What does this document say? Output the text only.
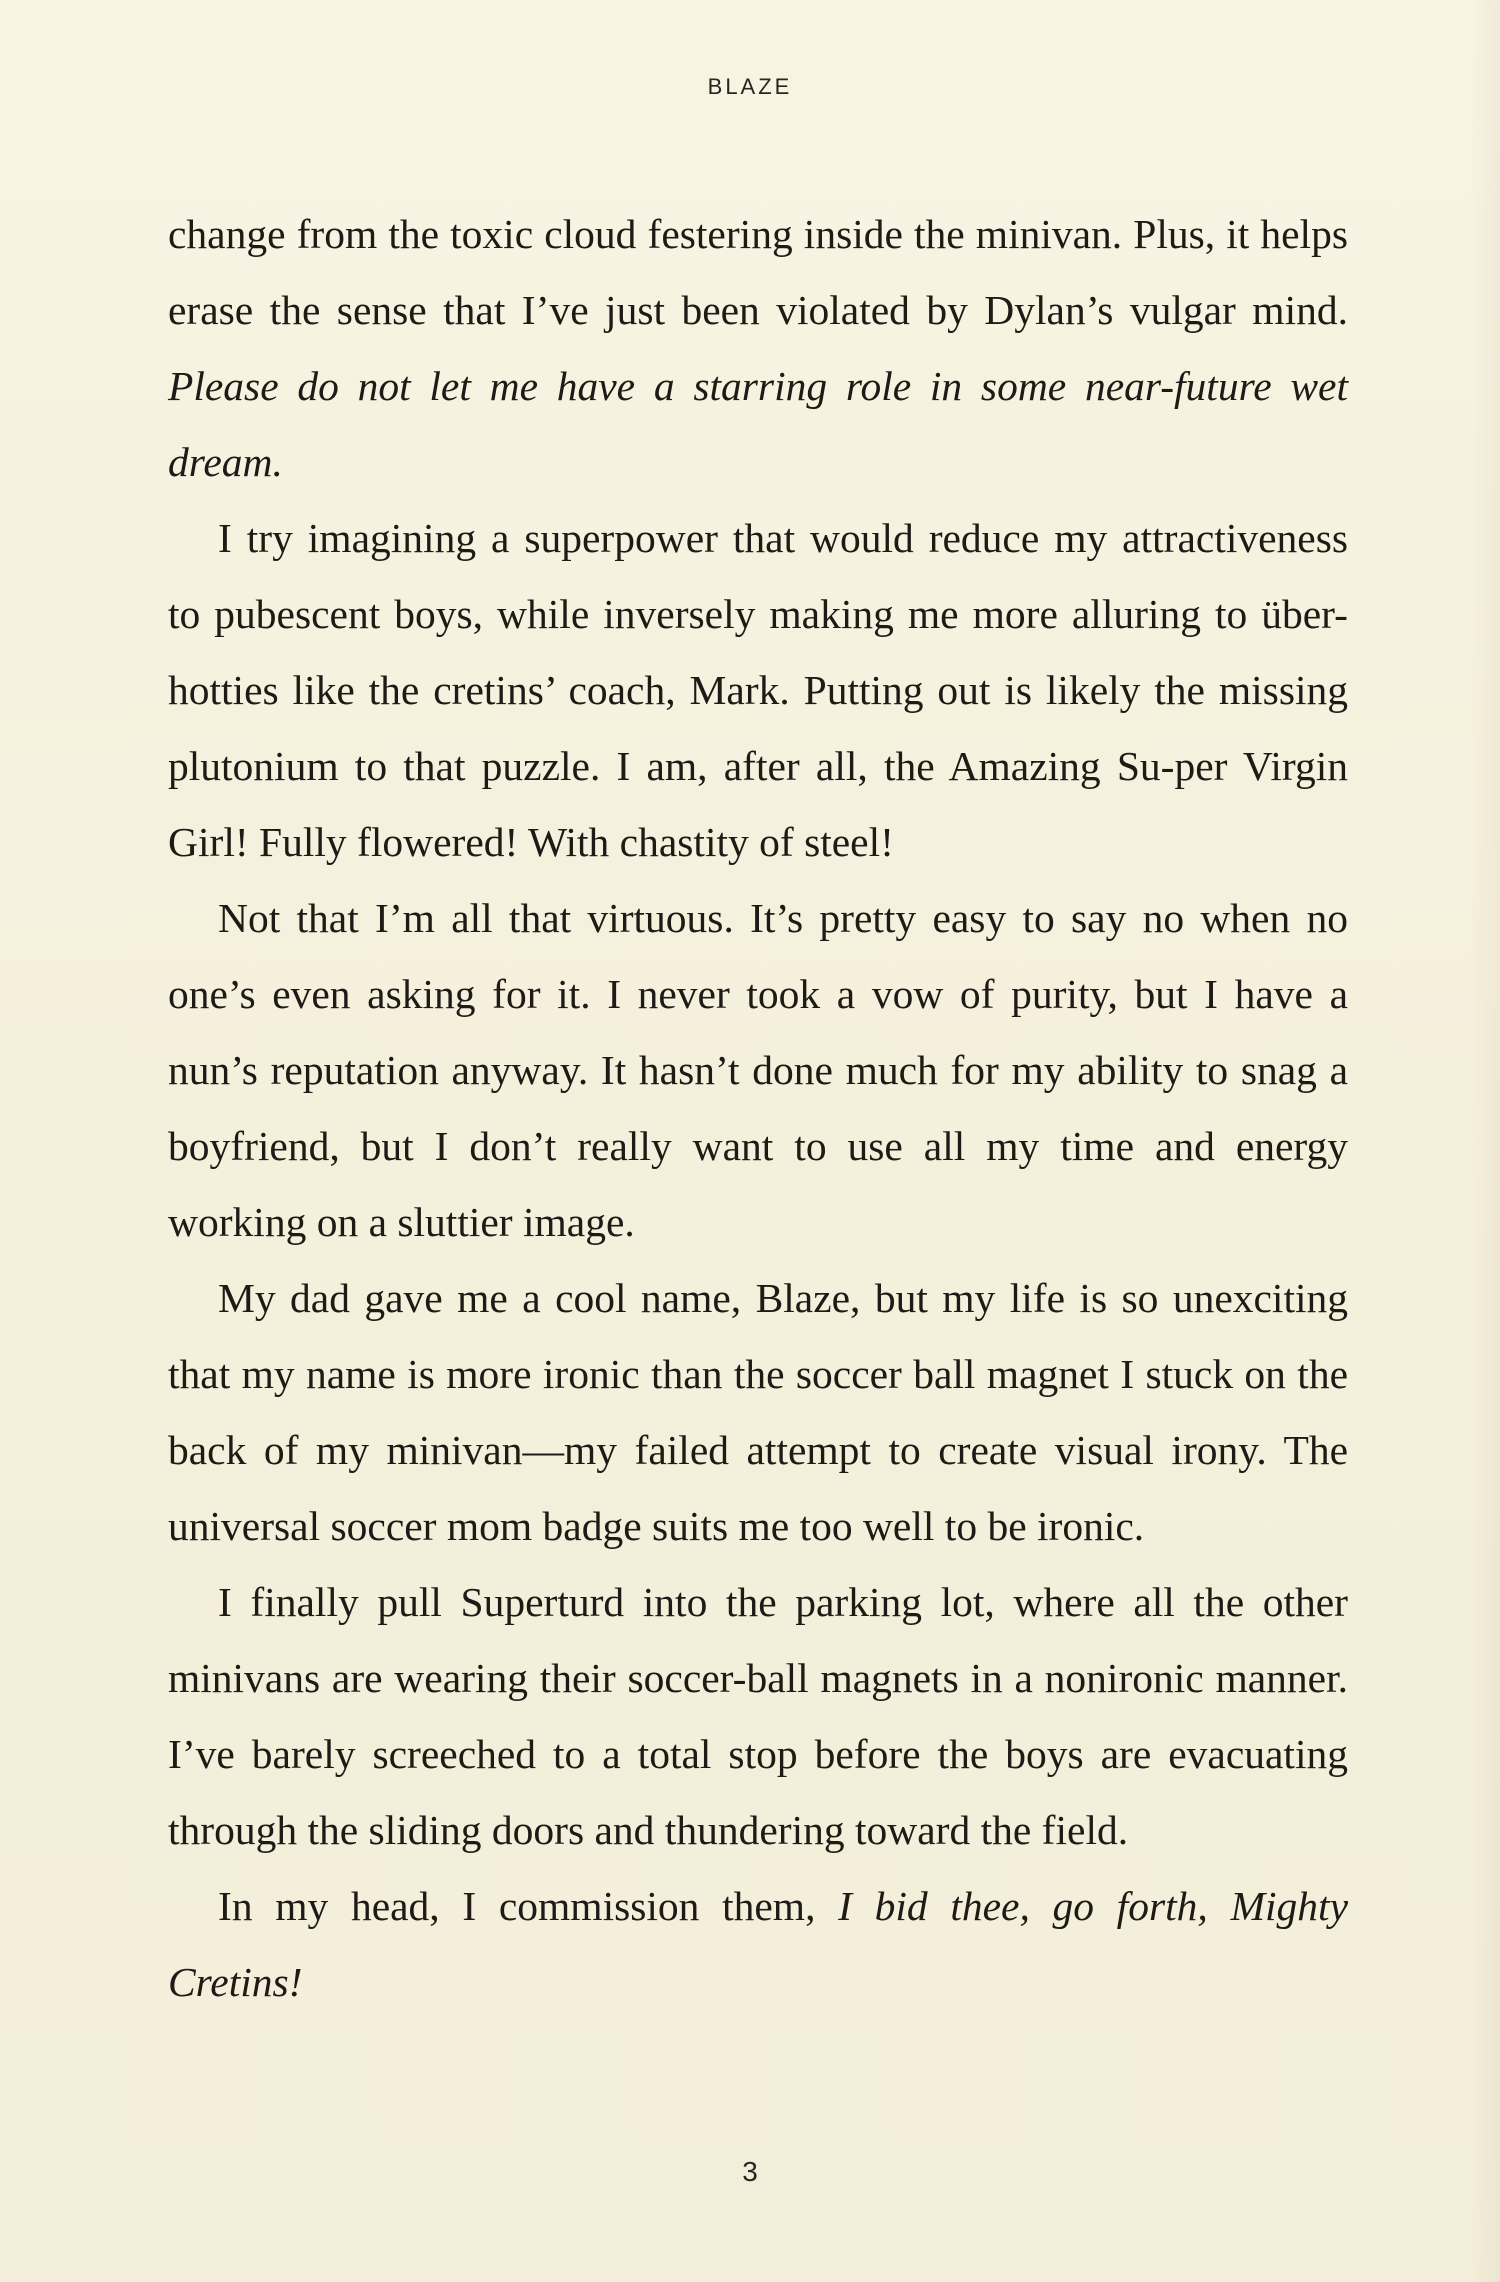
BLAZE

change from the toxic cloud festering inside the minivan. Plus, it helps erase the sense that I’ve just been violated by Dylan’s vulgar mind. Please do not let me have a starring role in some near-future wet dream.

I try imagining a superpower that would reduce my attractiveness to pubescent boys, while inversely making me more alluring to über-hotties like the cretins’ coach, Mark. Putting out is likely the missing plutonium to that puzzle. I am, after all, the Amazing Su-per Virgin Girl! Fully flowered! With chastity of steel!

Not that I’m all that virtuous. It’s pretty easy to say no when no one’s even asking for it. I never took a vow of purity, but I have a nun’s reputation anyway. It hasn’t done much for my ability to snag a boyfriend, but I don’t really want to use all my time and energy working on a sluttier image.

My dad gave me a cool name, Blaze, but my life is so unexciting that my name is more ironic than the soccer ball magnet I stuck on the back of my minivan—my failed attempt to create visual irony. The universal soccer mom badge suits me too well to be ironic.

I finally pull Superturd into the parking lot, where all the other minivans are wearing their soccer-ball magnets in a nonironic manner. I’ve barely screeched to a total stop before the boys are evacuating through the sliding doors and thundering toward the field.

In my head, I commission them, I bid thee, go forth, Mighty Cretins!

3
